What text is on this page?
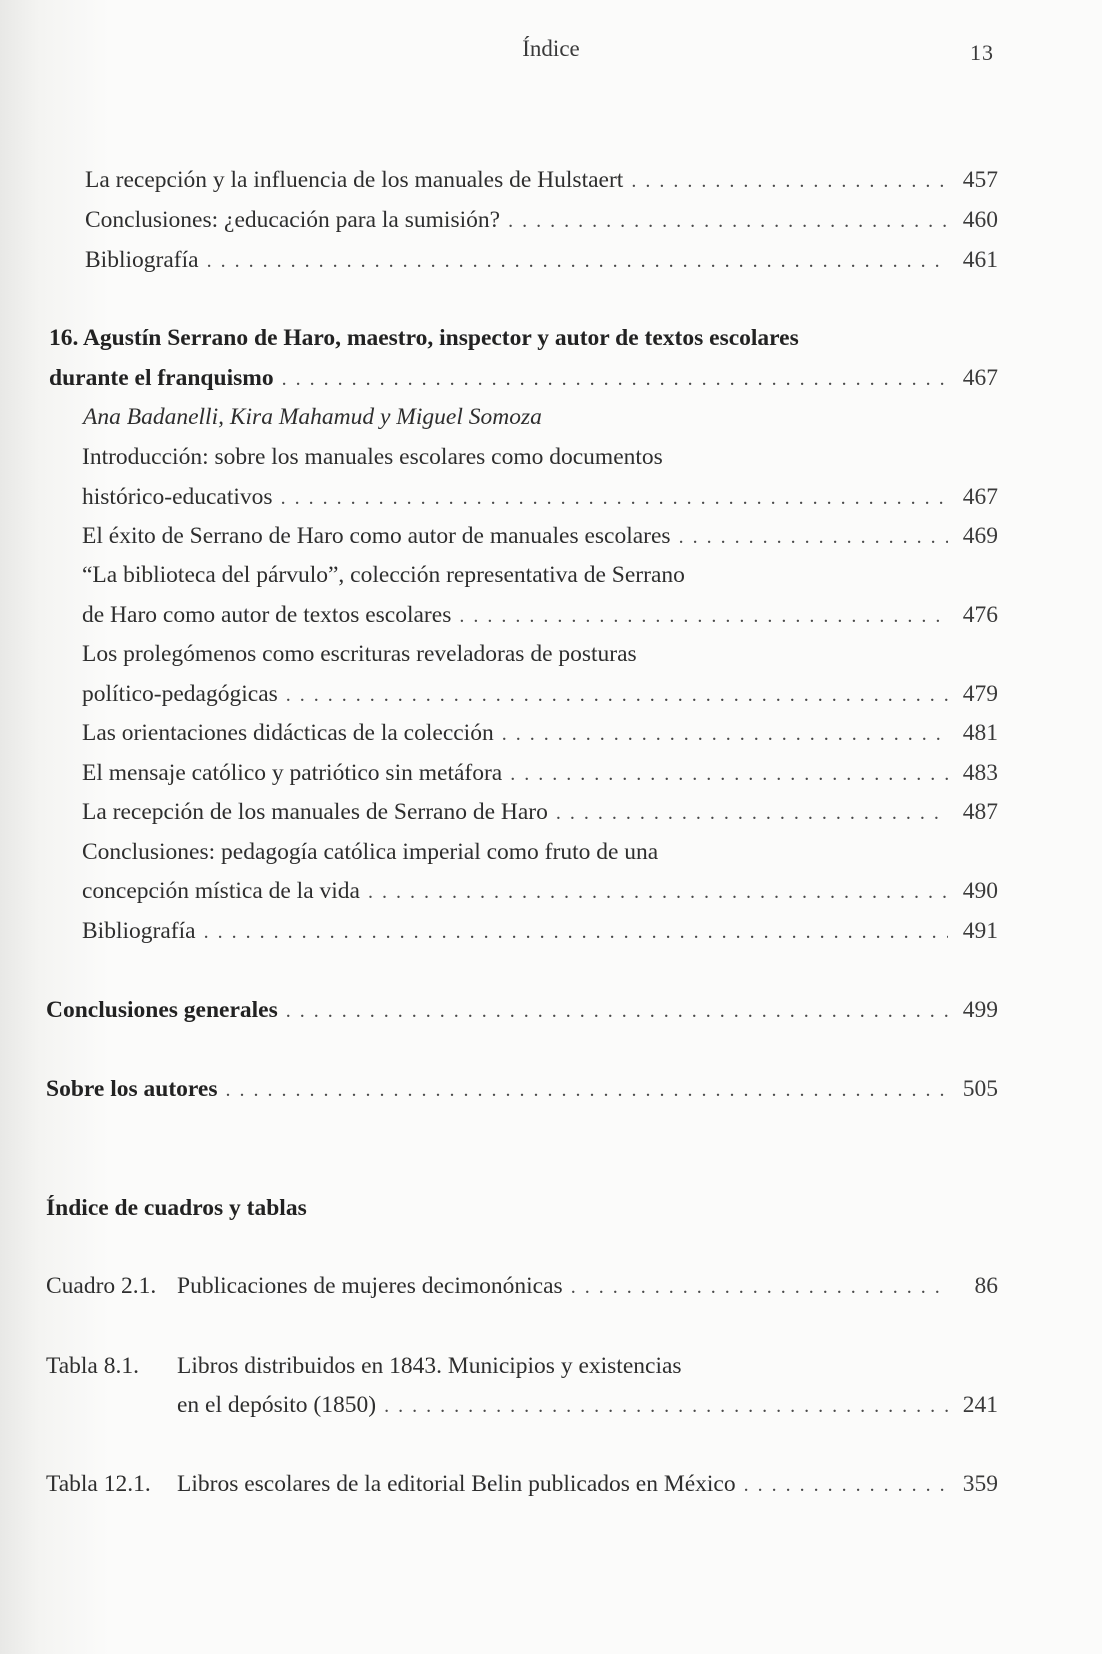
Índice	13
La recepción y la influencia de los manuales de Hulstaert . . .	457
Conclusiones: ¿educación para la sumisión? . . .	460
Bibliografía . . .	461
16. Agustín Serrano de Haro, maestro, inspector y autor de textos escolares
durante el franquismo . . .	467
Ana Badanelli, Kira Mahamud y Miguel Somoza
Introducción: sobre los manuales escolares como documentos
histórico-educativos . . .	467
El éxito de Serrano de Haro como autor de manuales escolares . . .	469
“La biblioteca del párvulo”, colección representativa de Serrano
de Haro como autor de textos escolares . . .	476
Los prolegómenos como escrituras reveladoras de posturas
político-pedagógicas . . .	479
Las orientaciones didácticas de la colección . . .	481
El mensaje católico y patriótico sin metáfora . . .	483
La recepción de los manuales de Serrano de Haro . . .	487
Conclusiones: pedagogía católica imperial como fruto de una
concepción mística de la vida . . .	490
Bibliografía . . .	491
Conclusiones generales . . .	499
Sobre los autores . . .	505
Índice de cuadros y tablas
Cuadro 2.1. Publicaciones de mujeres decimonónicas . . .	86
Tabla 8.1. Libros distribuidos en 1843. Municipios y existencias
en el depósito (1850) . . .	241
Tabla 12.1. Libros escolares de la editorial Belin publicados en México . . .	359
